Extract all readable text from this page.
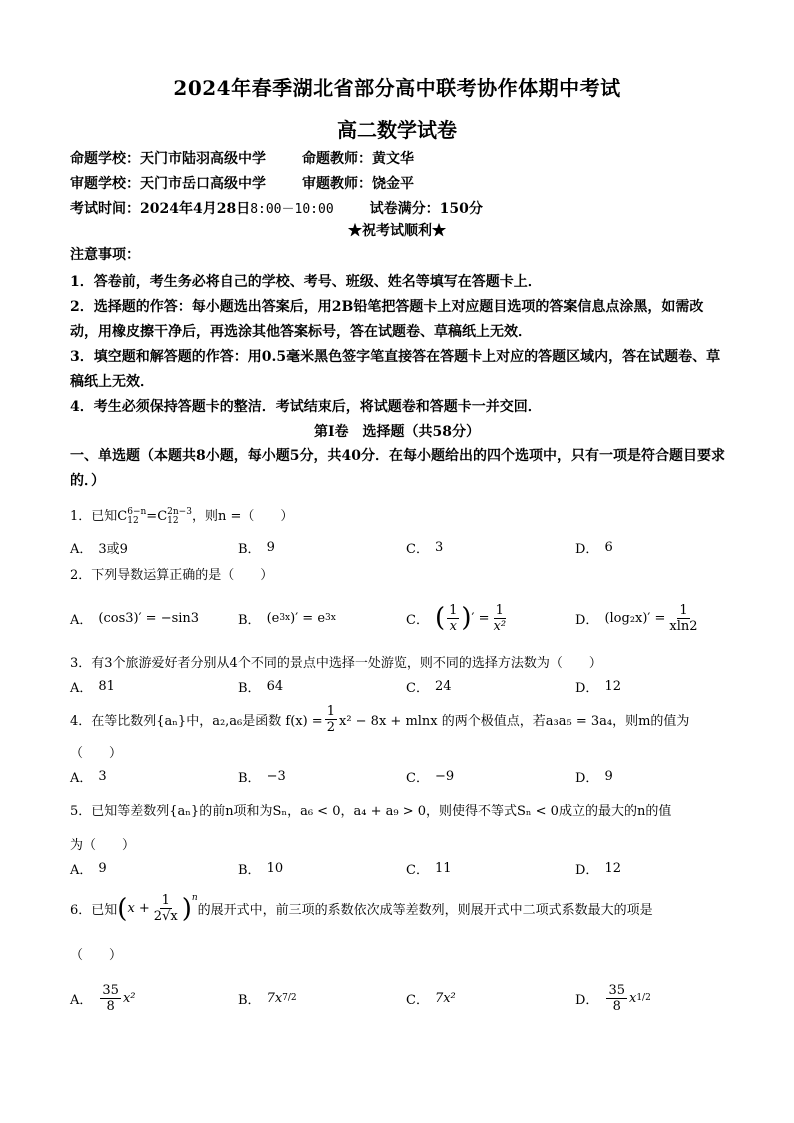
2024年春季湖北省部分高中联考协作体期中考试
高二数学试卷
命题学校：天门市陆羽高级中学	命题教师：黄文华
审题学校：天门市岳口高级中学	审题教师：饶金平
考试时间：2024年4月28日8:00－10:00	试卷满分：150分
★祝考试顺利★
注意事项：
1．答卷前，考生务必将自己的学校、考号、班级、姓名等填写在答题卡上．
2．选择题的作答：每小题选出答案后，用2B铅笔把答题卡上对应题目选项的答案信息点涂黑，如需改动，用橡皮擦干净后，再选涂其他答案标号，答在试题卷、草稿纸上无效．
3．填空题和解答题的作答：用0.5毫米黑色签字笔直接答在答题卡上对应的答题区域内，答在试题卷、草稿纸上无效．
4．考生必须保持答题卡的整洁．考试结束后，将试题卷和答题卡一并交回．
第Ⅰ卷　选择题（共58分）
一、单选题（本题共8小题，每小题5分，共40分．在每小题给出的四个选项中，只有一项是符合题目要求的．）
1．已知C 6−n
12 =C 2n−3
12	，则n =（　　）
A． 3或9	B． 9	C． 3	D． 6
2．下列导数运算正确的是（　　）
A． (cos3)′ = −sin3	B． (e 3x )′ = e 3x	C． ( $\frac{1}{x}$ ) ′ = $\frac{1}{\text{x²}}$	D． $(\log_2x)' = \frac{1}{xln2}$
3．有3个旅游爱好者分别从4个不同的景点中选择一处游览，则不同的选择方法数为（　　）
A． 81	B． 64	C． 24	D． 12
4．在等比数列{aₙ}中，a₂,a₆是函数 $f(x) = \frac{1}{2} x^2 - 8x + mlnx$ 的两个极值点，若a₃a₅ = 3a₄，则m的值为
（　　）
A． 3	B． −3	C． −9	D． 9
5．已知等差数列{aₙ}的前n项和为Sₙ，a₆ < 0，a₄ + a₉ > 0，则使得不等式Sₙ < 0成立的最大的n的值
为（　　）
A． 9	B． 10	C． 11	D． 12
6．已知 ( $x + \frac{1}{2√x} )^n$
的展开式中，前三项的系数依次成等差数列，则展开式中二项式系数最大的项是
（　　）
A． $\frac{35}{8} x^2$	B． 7x 7/2	C． 7x²	D． $\frac{35}{8}$ x 1/2
